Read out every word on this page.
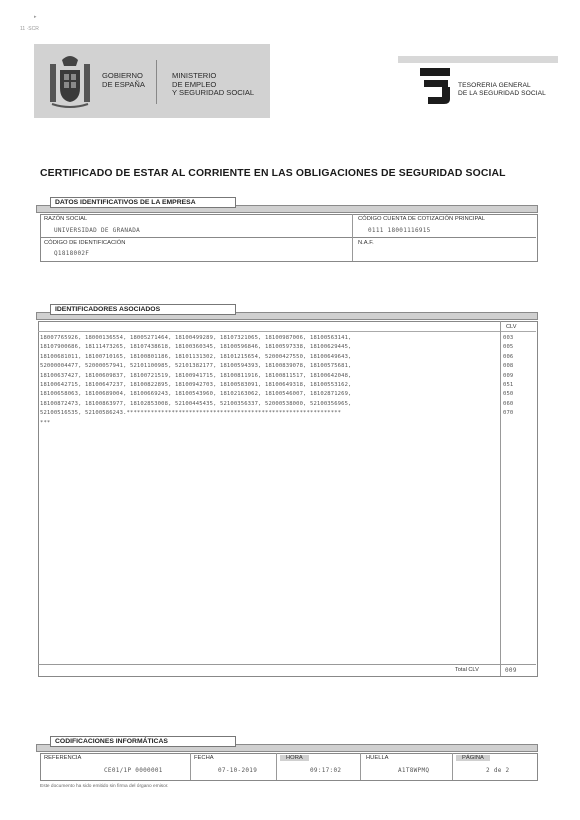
▸
11 ·SCR
GOBIERNO
DE ESPAÑA
MINISTERIO
DE EMPLEO
Y SEGURIDAD SOCIAL
TESORERIA GENERAL
DE LA SEGURIDAD SOCIAL
CERTIFICADO DE ESTAR AL CORRIENTE EN LAS OBLIGACIONES DE SEGURIDAD SOCIAL
DATOS IDENTIFICATIVOS DE LA EMPRESA
RAZÓN SOCIAL
UNIVERSIDAD DE GRANADA
CÓDIGO CUENTA DE COTIZACIÓN PRINCIPAL
0111 18001116915
CÓDIGO DE IDENTIFICACIÓN
Q1818002F
N.A.F.
IDENTIFICADORES ASOCIADOS
CLV
18007765926, 18000136554, 18005271464, 18100499289, 18107321065, 18100987006, 18100563141,
18107900686, 18111473265, 18107438618, 18100360345, 18100596846, 18100597338, 18100629445,
18100681011, 18100710165, 18100801186, 18101131302, 18101215654, 52000427550, 18100649643,
52000004477, 52000057941, 52101100985, 52101382177, 18100594393, 18100839078, 18100575681,
18100637427, 18100609837, 18100721519, 18100941715, 18100811916, 18100811517, 18100642048,
18100642715, 18100647237, 18100822895, 18100942703, 18100583091, 18100649318, 18100553162,
18100658063, 18100689004, 18100669243, 18100543960, 18102163062, 18100546007, 18102871269,
18100872473, 18100863977, 18102853008, 52100445435, 52100356337, 52000538000, 52100356965,
52100516535, 52100586243.**************************************************************
***
003
005
006
008
009
051
050
060
070
Total CLV	009
CODIFICACIONES INFORMÁTICAS
REFERENCIA
CE01/1P 0000001
FECHA
07-10-2019
HORA
09:17:02
HUELLA
A1T8WPMQ
PÁGINA
2 de 2
Este documento ha sido emitido sin firma del órgano emisor.
